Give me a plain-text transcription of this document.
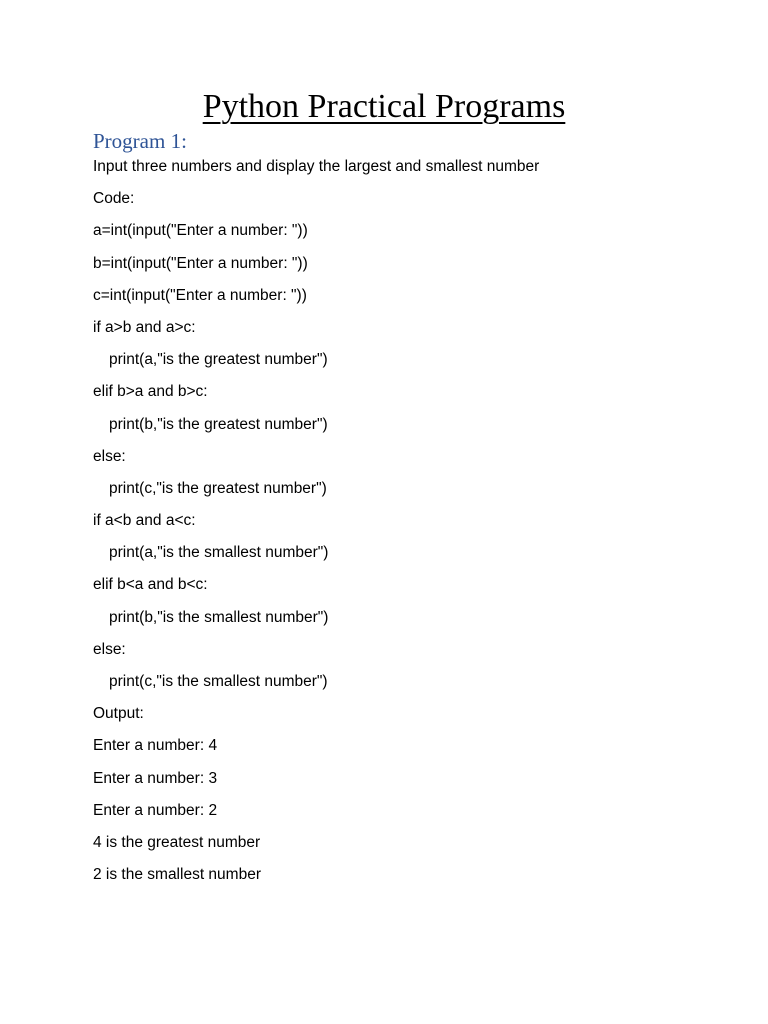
Python Practical Programs
Program 1:
Input three numbers and display the largest and smallest number
Code:
a=int(input("Enter a number: "))
b=int(input("Enter a number: "))
c=int(input("Enter a number: "))
if a>b and a>c:
print(a,"is the greatest number")
elif b>a and b>c:
print(b,"is the greatest number")
else:
print(c,"is the greatest number")
if a<b and a<c:
print(a,"is the smallest number")
elif b<a and b<c:
print(b,"is the smallest number")
else:
print(c,"is the smallest number")
Output:
Enter a number: 4
Enter a number: 3
Enter a number: 2
4 is the greatest number
2 is the smallest number
